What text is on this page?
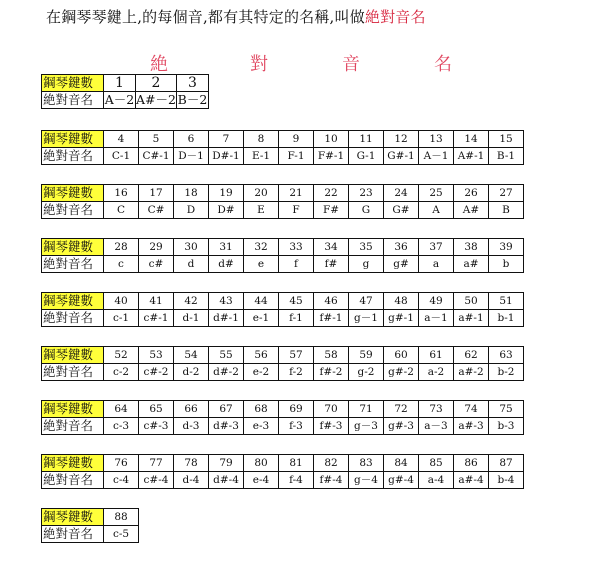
在鋼琴琴鍵上,的每個音,都有其特定的名稱,叫做絶對音名
絶	對	音	名
鋼琴鍵數	1	2	3
絶對音名	A－2	A#－2	B－2
鋼琴鍵數	4	5	6	7	8	9	10	11	12	13	14	15
絶對音名	C-1	C#-1	D－1	D#-1	E-1	F-1	F#-1	G-1	G#-1	A－1	A#-1	B-1
鋼琴鍵數	16	17	18	19	20	21	22	23	24	25	26	27
絶對音名	C	C#	D	D#	E	F	F#	G	G#	A	A#	B
鋼琴鍵數	28	29	30	31	32	33	34	35	36	37	38	39
絶對音名	c	c#	d	d#	e	f	f#	g	g#	a	a#	b
鋼琴鍵數	40	41	42	43	44	45	46	47	48	49	50	51
絶對音名	c-1	c#-1	d-1	d#-1	e-1	f-1	f#-1	g－1	g#-1	a－1	a#-1	b-1
鋼琴鍵數	52	53	54	55	56	57	58	59	60	61	62	63
絶對音名	c-2	c#-2	d-2	d#-2	e-2	f-2	f#-2	g-2	g#-2	a-2	a#-2	b-2
鋼琴鍵數	64	65	66	67	68	69	70	71	72	73	74	75
絶對音名	c-3	c#-3	d-3	d#-3	e-3	f-3	f#-3	g－3	g#-3	a－3	a#-3	b-3
鋼琴鍵數	76	77	78	79	80	81	82	83	84	85	86	87
絶對音名	c-4	c#-4	d-4	d#-4	e-4	f-4	f#-4	g－4	g#-4	a-4	a#-4	b-4
鋼琴鍵數	88
絶對音名	c-5
